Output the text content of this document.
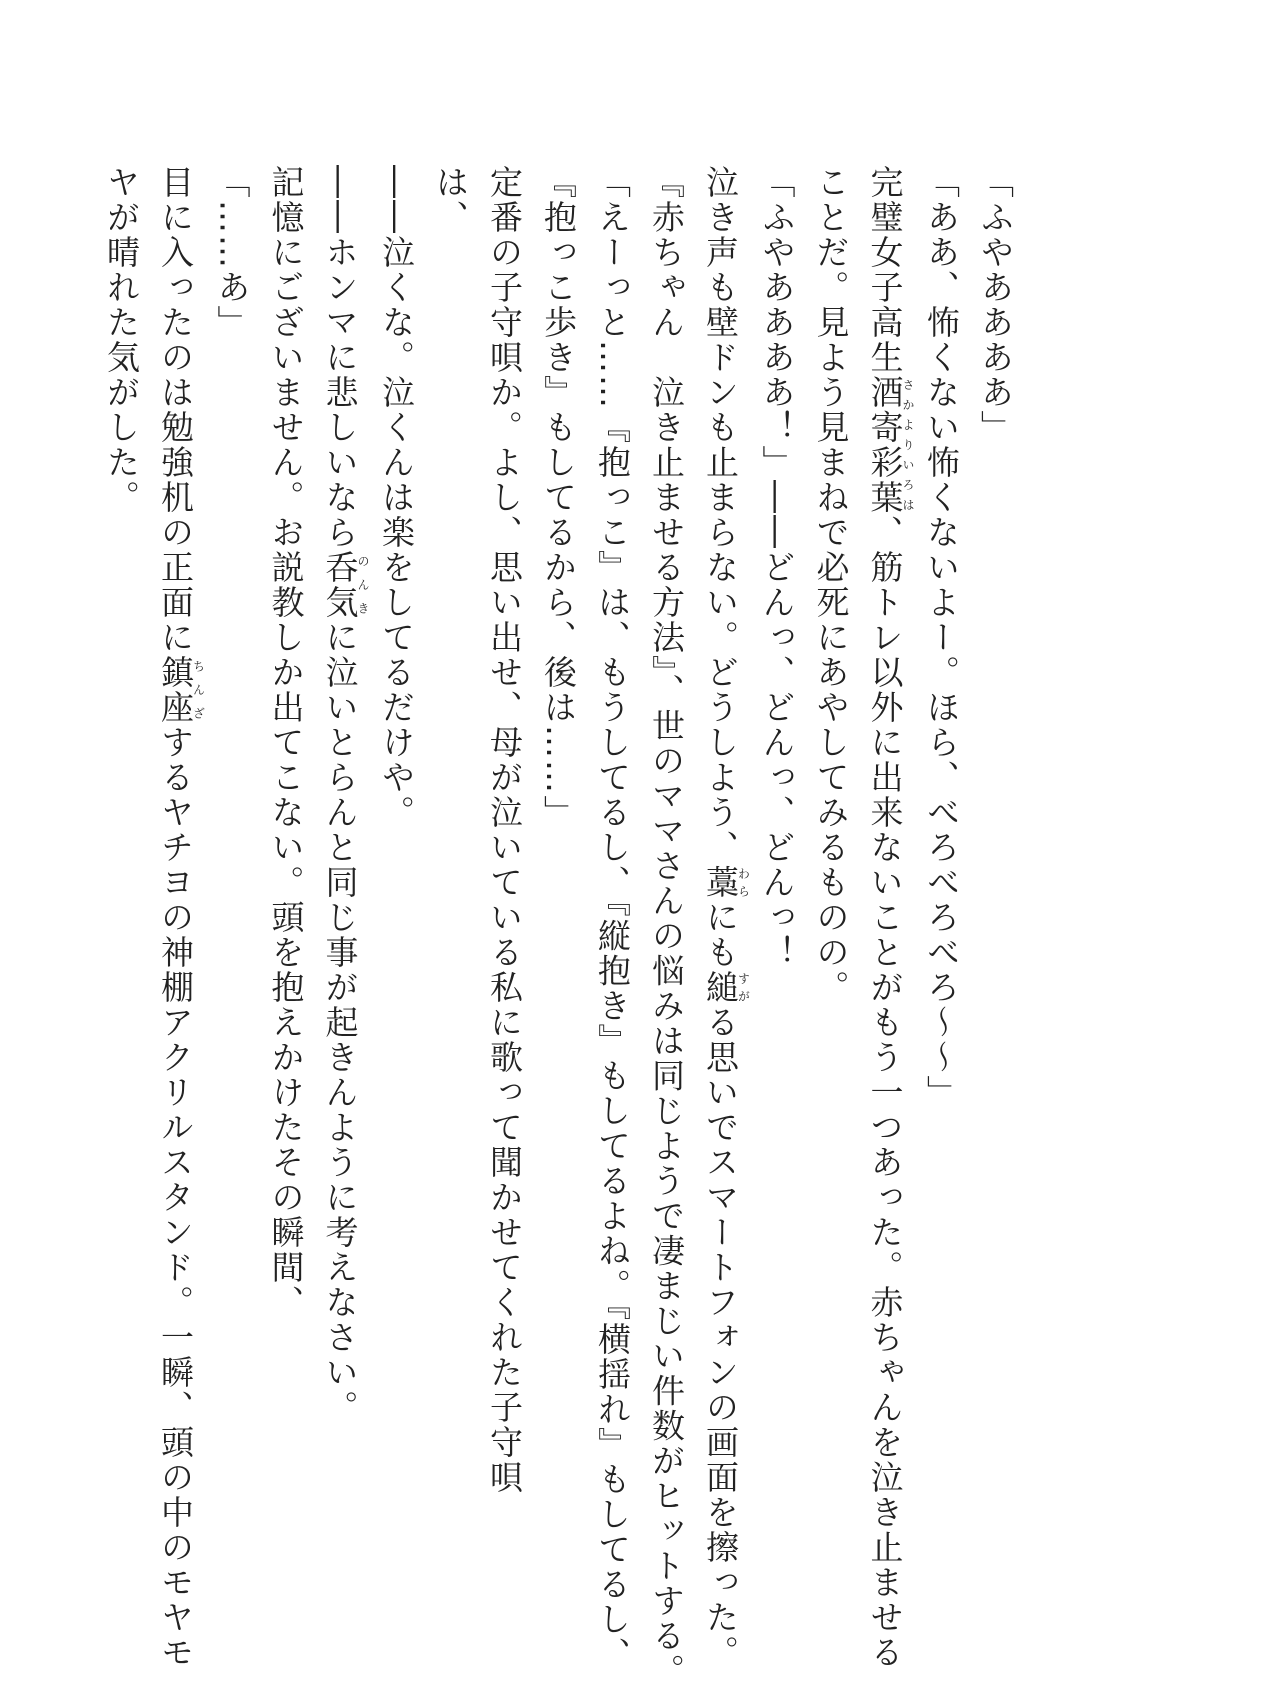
「ふやああああ」

「ああ、怖くない怖くないよー。ほら、べろべろべろ〜〜」

完璧女子高生酒寄彩葉さかよりいろは、筋トレ以外に出来ないことがもう一つあった。赤ちゃんを泣き止ませる

ことだ。見よう見まねで必死にあやしてみるものの。

「ふやああああ！」――どんっ、どんっ、どんっ！

泣き声も壁ドンも止まらない。どうしよう、藁わらにも縋すがる思いでスマートフォンの画面を擦った。

『赤ちゃん　泣き止ませる方法』、世のママさんの悩みは同じようで凄まじい件数がヒットする。

「えーっと……『抱っこ』は、もうしてるし、『縦抱き』もしてるよね。『横揺れ』もしてるし、

『抱っこ歩き』もしてるから、後は……」

定番の子守唄か。よし、思い出せ、母が泣いている私に歌って聞かせてくれた子守唄

は、

――泣くな。泣くんは楽をしてるだけや。

――ホンマに悲しいなら呑気のんきに泣いとらんと同じ事が起きんように考えなさい。

記憶にございません。お説教しか出てこない。頭を抱えかけたその瞬間、

「……あ」

目に入ったのは勉強机の正面に鎮座ちんざするヤチヨの神棚アクリルスタンド。一瞬、頭の中のモヤモ

ヤが晴れた気がした。
